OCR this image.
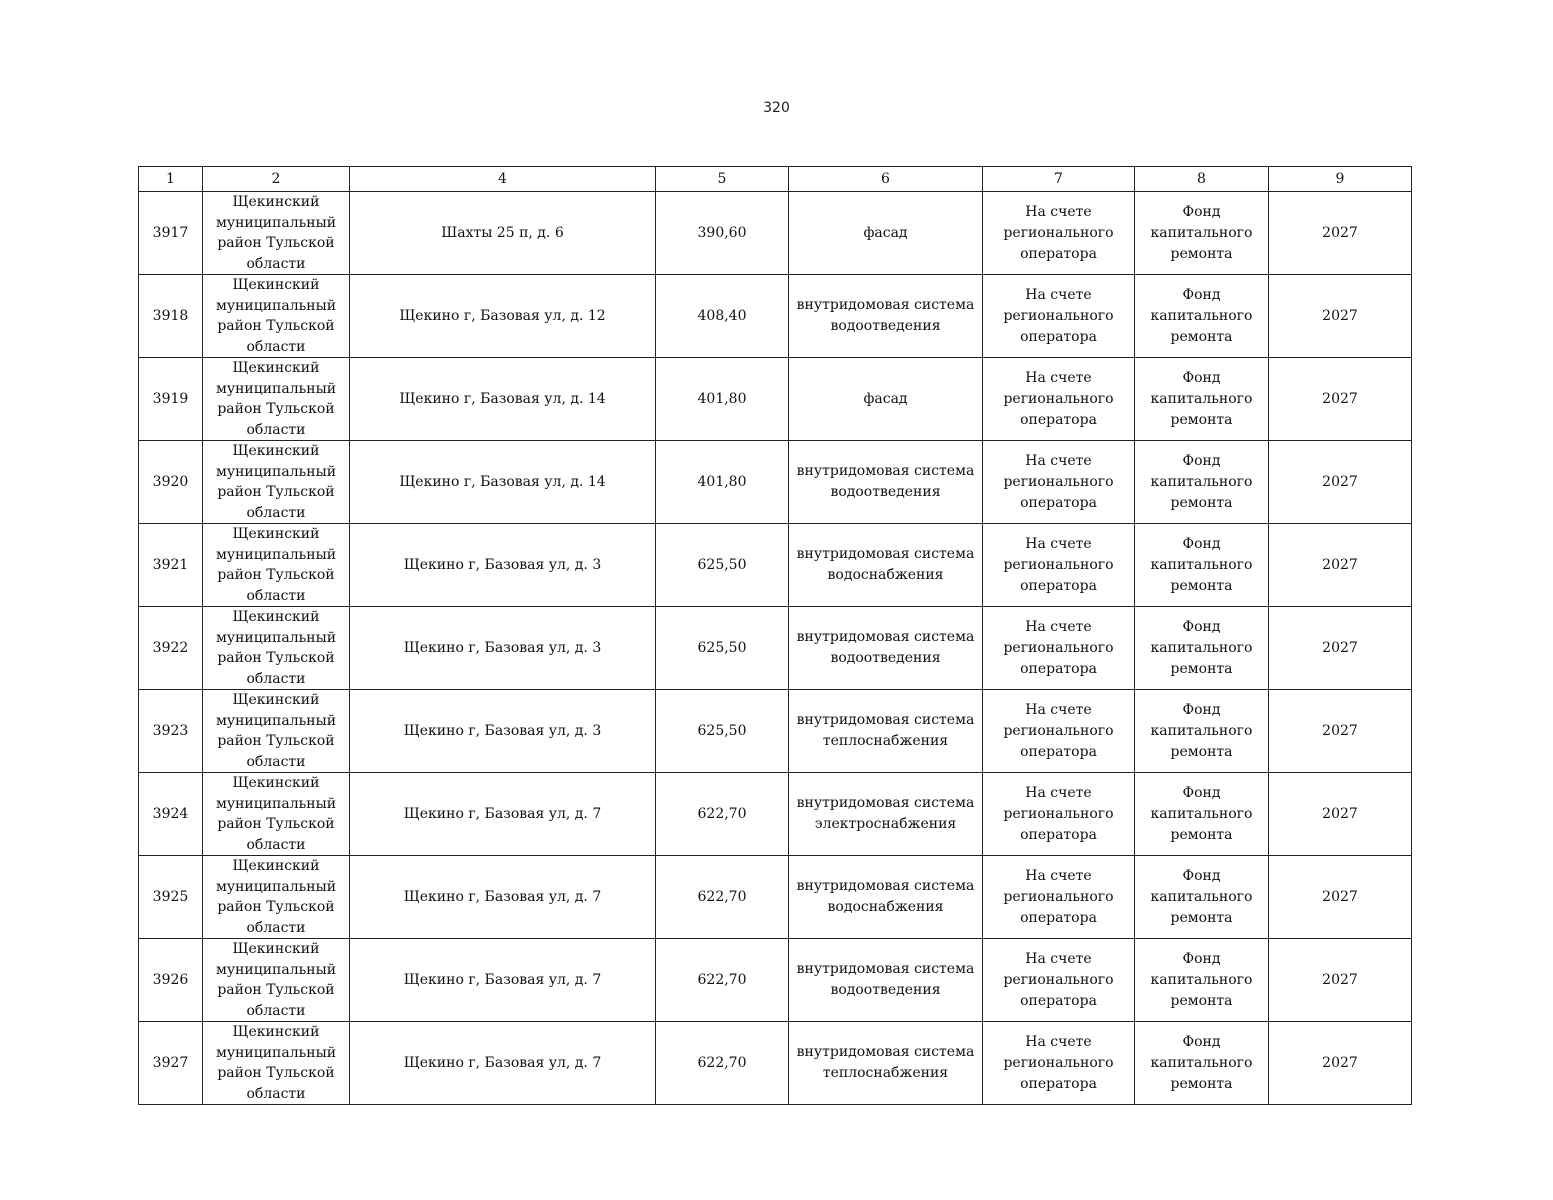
320
1	2	4	5	6	7	8	9
3917	Щекинский муниципальный район Тульской области	Шахты 25 п, д. 6	390,60	фасад	На счете регионального оператора	Фонд капитального ремонта	2027
3918	Щекинский муниципальный район Тульской области	Щекино г, Базовая ул, д. 12	408,40	внутридомовая система водоотведения	На счете регионального оператора	Фонд капитального ремонта	2027
3919	Щекинский муниципальный район Тульской области	Щекино г, Базовая ул, д. 14	401,80	фасад	На счете регионального оператора	Фонд капитального ремонта	2027
3920	Щекинский муниципальный район Тульской области	Щекино г, Базовая ул, д. 14	401,80	внутридомовая система водоотведения	На счете регионального оператора	Фонд капитального ремонта	2027
3921	Щекинский муниципальный район Тульской области	Щекино г, Базовая ул, д. 3	625,50	внутридомовая система водоснабжения	На счете регионального оператора	Фонд капитального ремонта	2027
3922	Щекинский муниципальный район Тульской области	Щекино г, Базовая ул, д. 3	625,50	внутридомовая система водоотведения	На счете регионального оператора	Фонд капитального ремонта	2027
3923	Щекинский муниципальный район Тульской области	Щекино г, Базовая ул, д. 3	625,50	внутридомовая система теплоснабжения	На счете регионального оператора	Фонд капитального ремонта	2027
3924	Щекинский муниципальный район Тульской области	Щекино г, Базовая ул, д. 7	622,70	внутридомовая система электроснабжения	На счете регионального оператора	Фонд капитального ремонта	2027
3925	Щекинский муниципальный район Тульской области	Щекино г, Базовая ул, д. 7	622,70	внутридомовая система водоснабжения	На счете регионального оператора	Фонд капитального ремонта	2027
3926	Щекинский муниципальный район Тульской области	Щекино г, Базовая ул, д. 7	622,70	внутридомовая система водоотведения	На счете регионального оператора	Фонд капитального ремонта	2027
3927	Щекинский муниципальный район Тульской области	Щекино г, Базовая ул, д. 7	622,70	внутридомовая система теплоснабжения	На счете регионального оператора	Фонд капитального ремонта	2027
